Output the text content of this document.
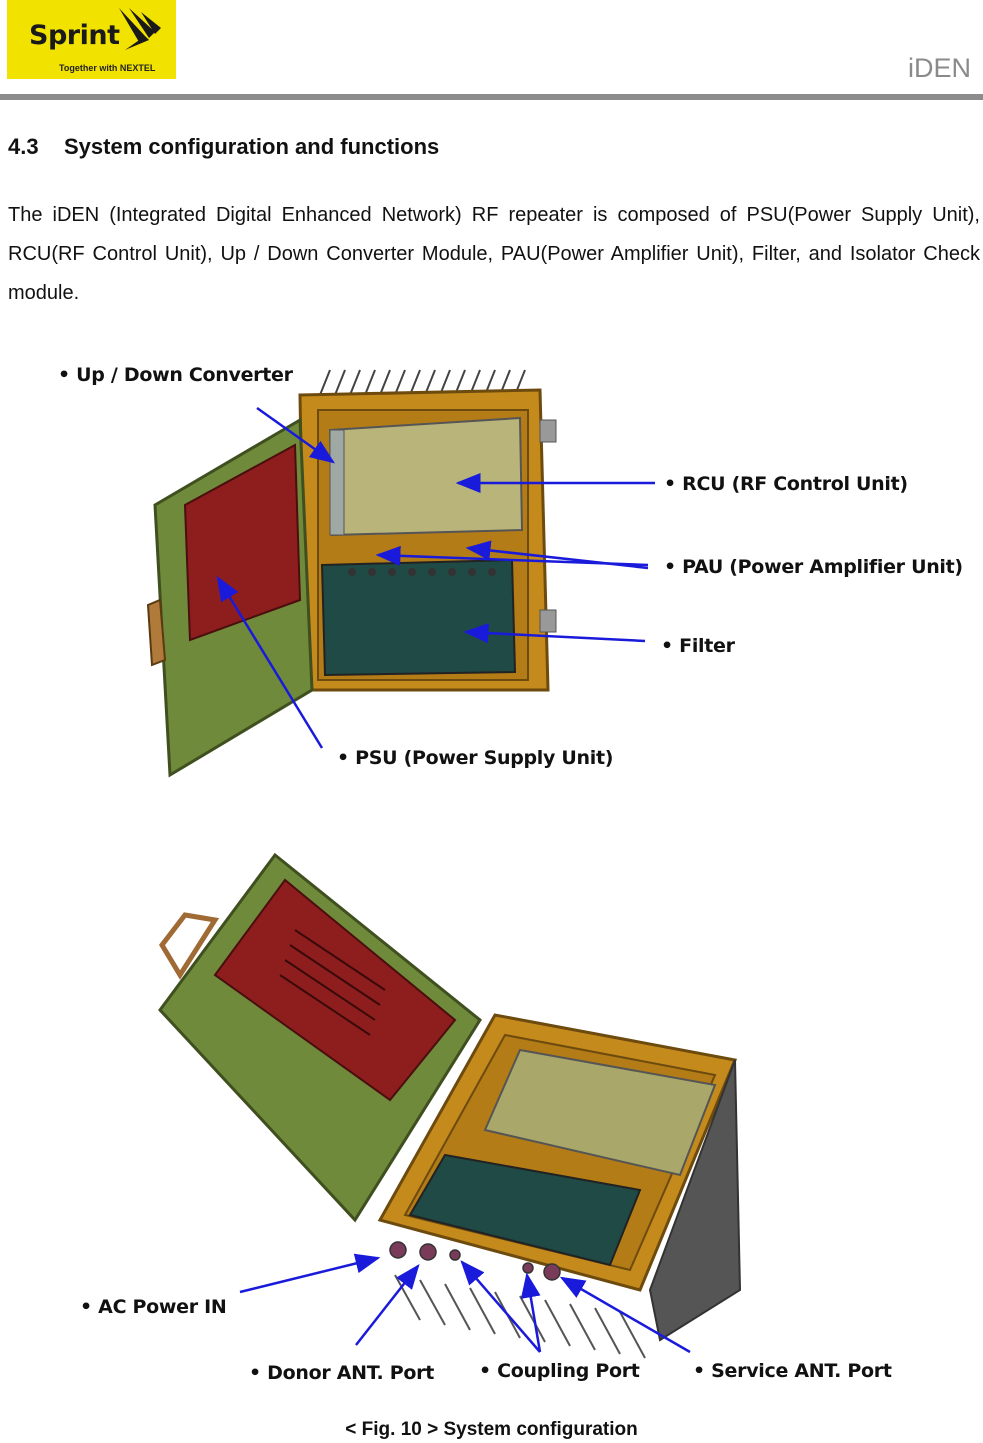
Sprint
Together with NEXTEL	iDEN
4.3 System configuration and functions
The iDEN (Integrated Digital Enhanced Network) RF repeater is composed of PSU(Power Supply Unit), RCU(RF Control Unit), Up / Down Converter Module, PAU(Power Amplifier Unit), Filter, and Isolator Check module.
• Up / Down Converter
• RCU (RF Control Unit)
• PAU (Power Amplifier Unit)
• Filter
• PSU (Power Supply Unit)
• AC Power IN
• Donor ANT. Port • Coupling Port	• Service ANT. Port
< Fig. 10 > System configuration
